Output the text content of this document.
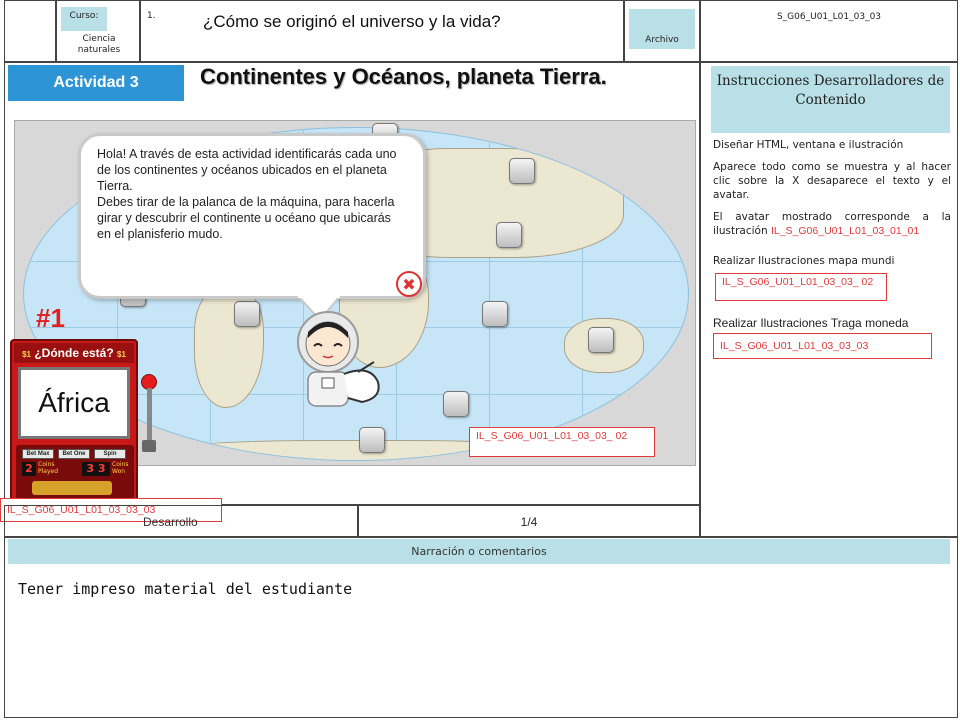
Curso:
Ciencia naturales
1.	¿Cómo se originó el universo y la vida?
Archivo
S_G06_U01_L01_03_03
Actividad 3	Continentes y Océanos, planeta Tierra.
Hola! A través de esta actividad identificarás cada uno de los continentes y océanos ubicados en el planeta Tierra.
Debes tirar de la palanca de la máquina, para hacerla girar y descubrir el continente u océano que ubicarás en el planisferio mudo.
✖
#1
$1 ¿Dónde está? $1
África
Bet Max	Bet One	Spin
2 Coins Played	3 3	Coins Won
IL_S_G06_U01_L01_03_03_ 02
IL_S_G06_U01_L01_03_03_03
Desarrollo	1/4
Instrucciones Desarrolladores de Contenido
Diseñar HTML, ventana e ilustración
Aparece todo como se muestra y al hacer clic sobre la X desaparece el texto y el avatar.
El avatar mostrado corresponde a la ilustración IL_S_G06_U01_L01_03_01_01
Realizar Ilustraciones mapa mundi
IL_S_G06_U01_L01_03_03_ 02
Realizar Ilustraciones Traga moneda
IL_S_G06_U01_L01_03_03_03
Narración o comentarios
Tener impreso material del estudiante
